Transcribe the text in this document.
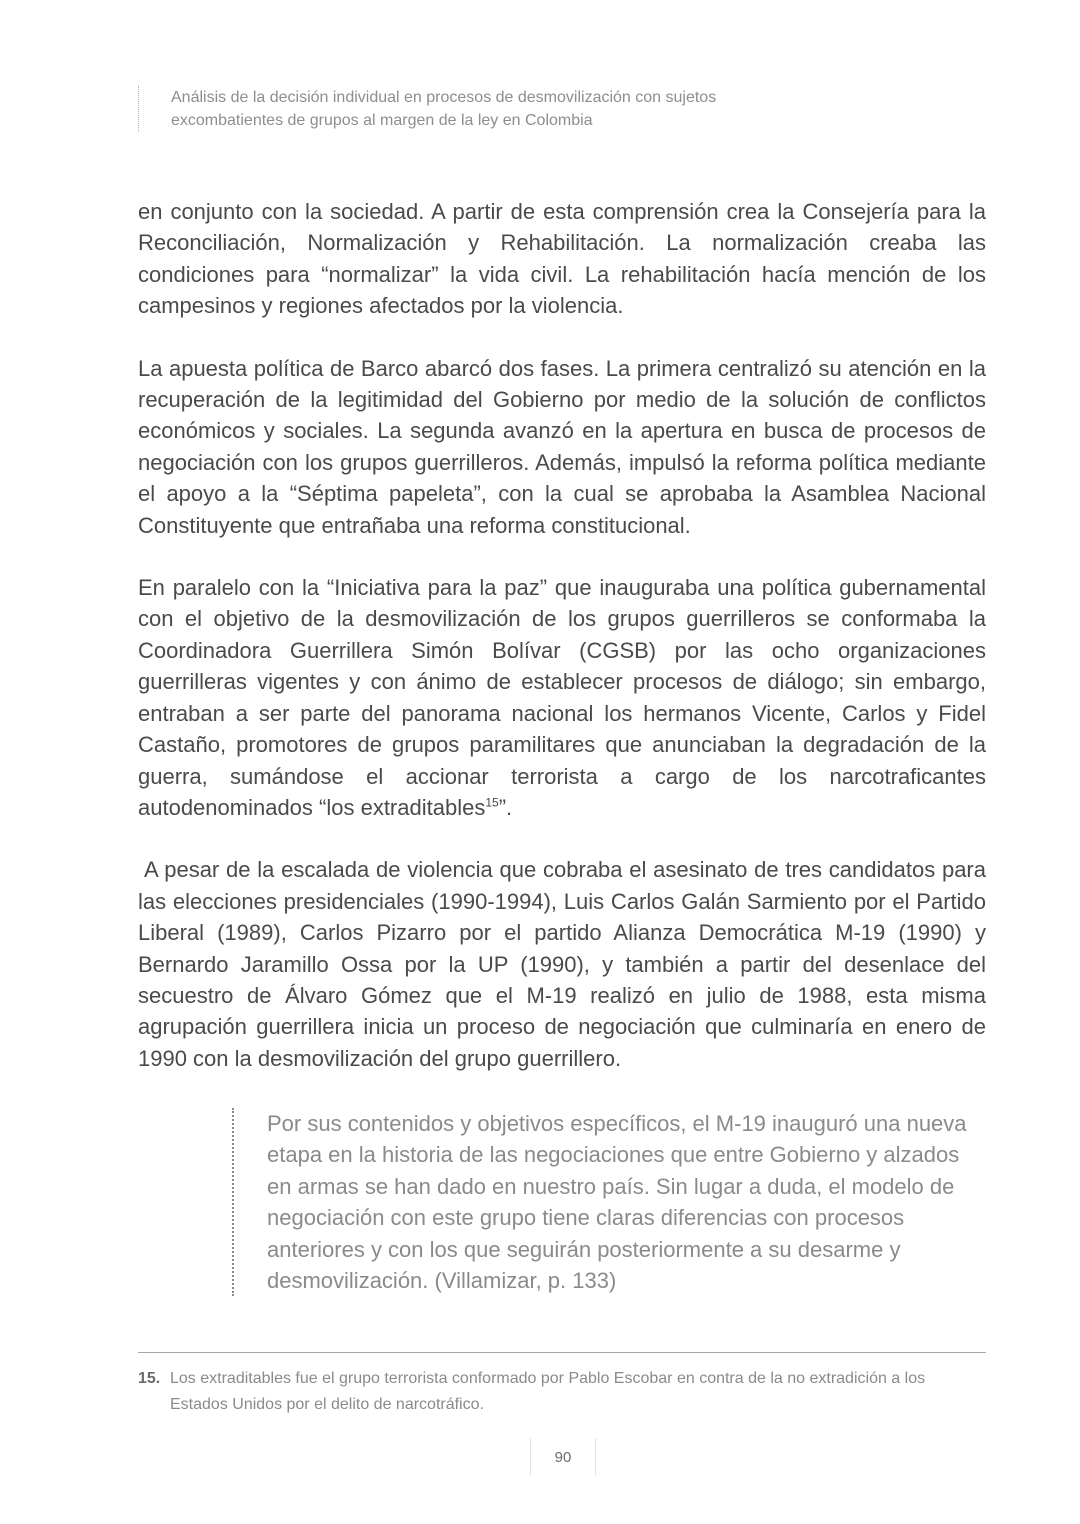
Análisis de la decisión individual en procesos de desmovilización con sujetos
excombatientes de grupos al margen de la ley en Colombia

en conjunto con la sociedad. A partir de esta comprensión crea la Consejería para la Reconciliación, Normalización y Rehabilitación. La normalización creaba las condiciones para “normalizar” la vida civil. La rehabilitación hacía mención de los campesinos y regiones afectados por la violencia.

La apuesta política de Barco abarcó dos fases. La primera centralizó su atención en la recuperación de la legitimidad del Gobierno por medio de la solución de conflictos económicos y sociales. La segunda avanzó en la apertura en busca de procesos de negociación con los grupos guerrilleros. Además, impulsó la reforma política mediante el apoyo a la “Séptima papeleta”, con la cual se aprobaba la Asamblea Nacional Constituyente que entrañaba una reforma constitucional.

En paralelo con la “Iniciativa para la paz” que inauguraba una política gubernamental con el objetivo de la desmovilización de los grupos guerrilleros se conformaba la Coordinadora Guerrillera Simón Bolívar (CGSB) por las ocho organizaciones guerrilleras vigentes y con ánimo de establecer procesos de diálogo; sin embargo, entraban a ser parte del panorama nacional los hermanos Vicente, Carlos y Fidel Castaño, promotores de grupos paramilitares que anunciaban la degradación de la guerra, sumándose el accionar terrorista a cargo de los narcotraficantes autodenominados “los extraditables$^{15}$”.

A pesar de la escalada de violencia que cobraba el asesinato de tres candidatos para las elecciones presidenciales (1990-1994), Luis Carlos Galán Sarmiento por el Partido Liberal (1989), Carlos Pizarro por el partido Alianza Democrática M-19 (1990) y Bernardo Jaramillo Ossa por la UP (1990), y también a partir del desenlace del secuestro de Álvaro Gómez que el M-19 realizó en julio de 1988, esta misma agrupación guerrillera inicia un proceso de negociación que culminaría en enero de 1990 con la desmovilización del grupo guerrillero.

Por sus contenidos y objetivos específicos, el M-19 inauguró una nueva etapa en la historia de las negociaciones que entre Gobierno y alzados en armas se han dado en nuestro país. Sin lugar a duda, el modelo de negociación con este grupo tiene claras diferencias con procesos anteriores y con los que seguirán posteriormente a su desarme y desmovilización. (Villamizar, p. 133)
15. Los extraditables fue el grupo terrorista conformado por Pablo Escobar en contra de la no extradición a los Estados Unidos por el delito de narcotráfico.
90
